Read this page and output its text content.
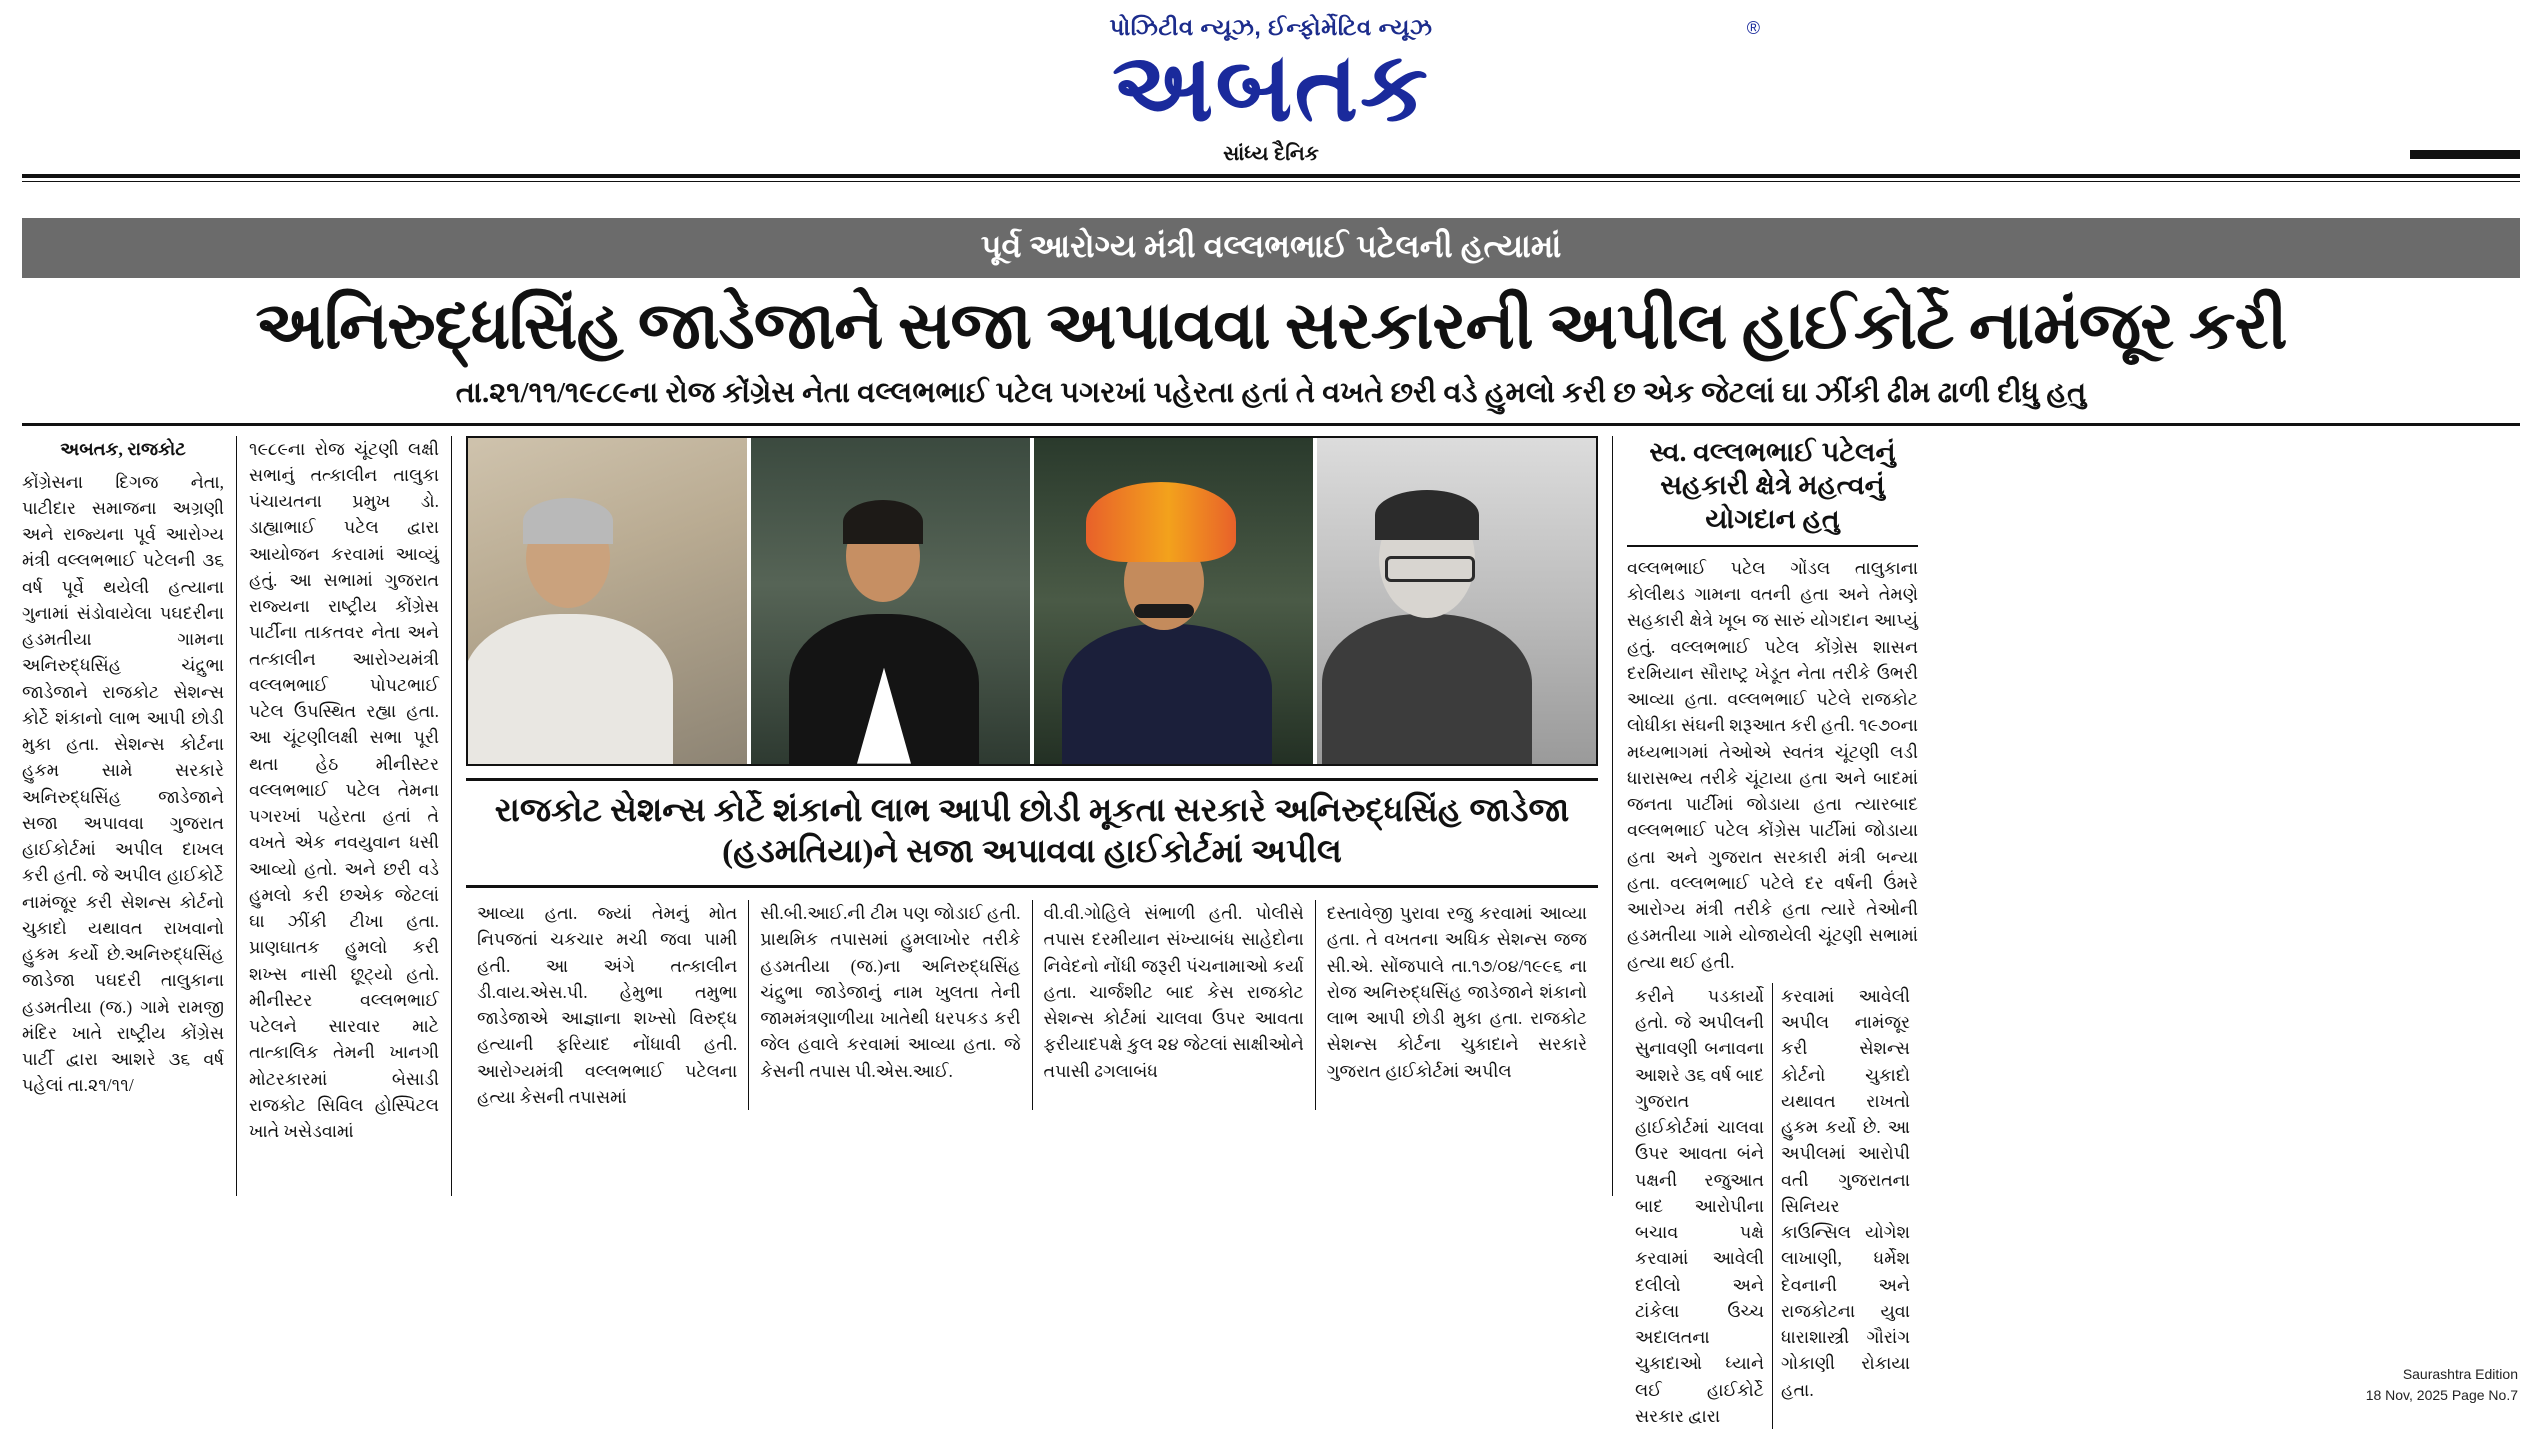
પોઝિટીવ ન્યૂઝ, ઈન્ફોર્મેટિવ ન્યૂઝ
અબતક
®
સાંધ્ય દૈનિક
પૂર્વ આરોગ્ય મંત્રી વલ્લભભાઈ પટેલની હત્યામાં
અનિરુદ્ધસિંહ જાડેજાને સજા અપાવવા સરકારની અપીલ હાઈકોર્ટે નામંજૂર કરી
તા.૨૧/૧૧/૧૯૮૯ના રોજ કોંગ્રેસ નેતા વલ્લભભાઈ પટેલ પગરખાં પહેરતા હતાં તે વખતે છરી વડે હુમલો કરી છ એક જેટલાં ઘા ઝીંકી ઢીમ ઢાળી દીધુ હતુ
અબતક, રાજકોટ
કોંગ્રેસના દિગજ નેતા, પાટીદાર સમાજના અગ્રણી અને રાજ્યના પૂર્વ આરોગ્ય મંત્રી વલ્લભભાઈ પટેલની ૩૬ વર્ષ પૂર્વે થયેલી હત્યાના ગુનામાં સંડોવાયેલા પઘદરીના હડમતીયા ગામના અનિરુદ્ધસિંહ ચંદ્રુભા જાડેજાને રાજકોટ સેશન્સ કોર્ટે શંકાનો લાભ આપી છોડી મુકા હતા. સેશન્સ કોર્ટના હુકમ સામે સરકારે અનિરુદ્ધસિંહ જાડેજાને સજા અપાવવા ગુજરાત હાઈકોર્ટમાં અપીલ દાખલ કરી હતી. જે અપીલ હાઈકોર્ટે નામંજૂર કરી સેશન્સ કોર્ટનો ચુકાદો યથાવત રાખવાનો હુકમ કર્યો છે.અનિરુદ્ધસિંહ જાડેજા પઘદરી તાલુકાના હડમતીયા (જ.) ગામે રામજી મંદિર ખાતે રાષ્ટ્રીય કોંગ્રેસ પાર્ટી દ્વારા આશરે ૩૬ વર્ષ પહેલાં તા.૨૧/૧૧/
૧૯૮૯ના રોજ ચૂંટણી લક્ષી સભાનું તત્કાલીન તાલુકા પંચાયતના પ્રમુખ ડો. ડાહ્યાભાઈ પટેલ દ્વારા આયોજન કરવામાં આવ્યું હતું. આ સભામાં ગુજરાત રાજ્યના રાષ્ટ્રીય કોંગ્રેસ પાર્ટીના તાકતવર નેતા અને તત્કાલીન આરોગ્યમંત્રી વલ્લભભાઈ પોપટભાઈ પટેલ ઉપસ્થિત રહ્યા હતા. આ ચૂંટણીલક્ષી સભા પૂરી થતા હેઠ મીનીસ્ટર વલ્લભભાઈ પટેલ તેમના પગરખાં પહેરતા હતાં તે વખતે એક નવયુવાન ધસી આવ્યો હતો. અને છરી વડે હુમલો કરી છએક જેટલાં ઘા ઝીંકી ટીખા હતા. પ્રાણઘાતક હુમલો કરી શખ્સ નાસી છૂટ્યો હતો. મીનીસ્ટર વલ્લભભાઈ પટેલને સારવાર માટે તાત્કાલિક તેમની ખાનગી મોટરકારમાં બેસાડી રાજકોટ સિવિલ હોસ્પિટલ ખાતે ખસેડવામાં
રાજકોટ સેશન્સ કોર્ટે શંકાનો લાભ આપી છોડી મૂકતા સરકારે અનિરુદ્ધસિંહ જાડેજા (હડમતિયા)ને સજા અપાવવા હાઈકોર્ટમાં અપીલ
આવ્યા હતા. જ્યાં તેમનું મોત નિપજતાં ચકચાર મચી જવા પામી હતી. આ અંગે તત્કાલીન ડી.વાય.એસ.પી. હેમુભા તમુભા જાડેજાએ આજ્ઞાના શખ્સો વિરુદ્ધ હત્યાની ફરિયાદ નોંધાવી હતી. આરોગ્યમંત્રી વલ્લભભાઈ પટેલના હત્યા કેસની તપાસમાં
સી.બી.આઈ.ની ટીમ પણ જોડાઈ હતી. પ્રાથમિક તપાસમાં હુમલાખોર તરીકે હડમતીયા (જ.)ના અનિરુદ્ધસિંહ ચંદ્રુભા જાડેજાનું નામ ખુલતા તેની જામમંત્રણાળીયા ખાતેથી ધરપકડ કરી જેલ હવાલે કરવામાં આવ્યા હતા. જે કેસની તપાસ પી.એસ.આઈ.
વી.વી.ગોહિલે સંભાળી હતી. પોલીસે તપાસ દરમીયાન સંખ્યાબંધ સાહેદોના નિવેદનો નોંધી જરૂરી પંચનામાઓ કર્યા હતા. ચાર્જશીટ બાદ કેસ રાજકોટ સેશન્સ કોર્ટમાં ચાલવા ઉપર આવતા ફરીયાદપક્ષે કુલ ૨૪ જેટલાં સાક્ષીઓને તપાસી ઢગલાબંધ
દસ્તાવેજી પુરાવા રજુ કરવામાં આવ્યા હતા. તે વખતના અધિક સેશન્સ જજ સી.એ. સોંજપાલે તા.૧૭/૦૪/૧૯૯૬ ના રોજ અનિરુદ્ધસિંહ જાડેજાને શંકાનો લાભ આપી છોડી મુકા હતા. રાજકોટ સેશન્સ કોર્ટના ચુકાદાને સરકારે ગુજરાત હાઈકોર્ટમાં અપીલ
સ્વ. વલ્લભભાઈ પટેલનું સહકારી ક્ષેત્રે મહત્વનું યોગદાન હતુ
વલ્લભભાઈ પટેલ ગોંડલ તાલુકાના કોલીથડ ગામના વતની હતા અને તેમણે સહકારી ક્ષેત્રે ખૂબ જ સારું યોગદાન આપ્યું હતું. વલ્લભભાઈ પટેલ કોંગ્રેસ શાસન દરમિયાન સૌરાષ્ટ્ર ખેડૂત નેતા તરીકે ઉભરી આવ્યા હતા. વલ્લભભાઈ પટેલે રાજકોટ લોધીકા સંઘની શરૂઆત કરી હતી. ૧૯૭૦ના મધ્યભાગમાં તેઓએ સ્વતંત્ર ચૂંટણી લડી ધારાસભ્ય તરીકે ચૂંટાયા હતા અને બાદમાં જનતા પાર્ટીમાં જોડાયા હતા ત્યારબાદ વલ્લભભાઈ પટેલ કોંગ્રેસ પાર્ટીમાં જોડાયા હતા અને ગુજરાત સરકારી મંત્રી બન્યા હતા. વલ્લભભાઈ પટેલે દર વર્ષની ઉંમરે આરોગ્ય મંત્રી તરીકે હતા ત્યારે તેઓની હડમતીયા ગામે યોજાયેલી ચૂંટણી સભામાં હત્યા થઈ હતી.
કરીને પડકાર્યો હતો. જે અપીલની સુનાવણી બનાવના આશરે ૩૬ વર્ષ બાદ ગુજરાત હાઈકોર્ટમાં ચાલવા ઉપર આવતા બંને પક્ષની રજુઆત બાદ આરોપીના બચાવ પક્ષે કરવામાં આવેલી દલીલો અને ટાંકેલા ઉચ્ચ અદાલતના ચુકાદાઓ ધ્યાને લઈ હાઈકોર્ટે સરકાર દ્વારા
કરવામાં આવેલી અપીલ નામંજૂર કરી સેશન્સ કોર્ટનો ચુકાદો યથાવત રાખતો હુકમ કર્યો છે. આ અપીલમાં આરોપી વતી ગુજરાતના સિનિયર કાઉન્સિલ યોગેશ લાખાણી, ધર્મેશ દેવનાની અને રાજકોટના યુવા ધારાશાસ્ત્રી ગૌરાંગ ગોકાણી રોકાયા હતા.
Saurashtra Edition
18 Nov, 2025 Page No.7
